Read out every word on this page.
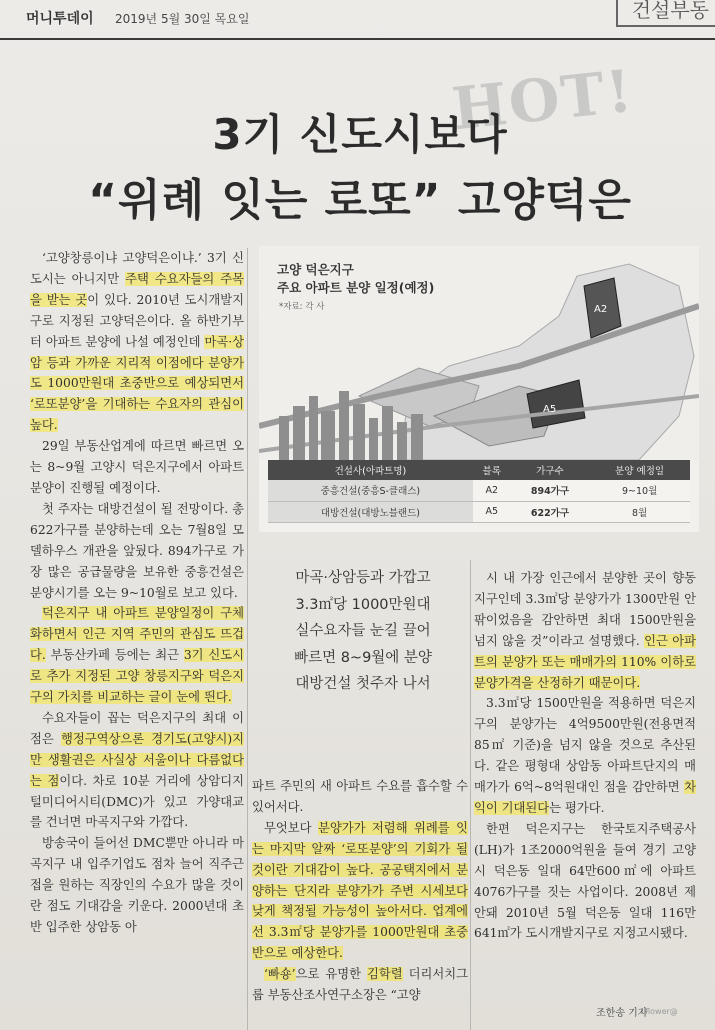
머니투데이 2019년 5월 30일 목요일	건설부동
HOT!
3기 신도시보다
“위례 잇는 로또” 고양덕은

‘고양창릉이냐 고양덕은이냐.’ 3기 신도시는 아니지만 주택 수요자들의 주목을 받는 곳이 있다. 2010년 도시개발지구로 지정된 고양덕은이다. 올 하반기부터 아파트 분양에 나설 예정인데 마곡·상암 등과 가까운 지리적 이점에다 분양가도 1000만원대 초중반으로 예상되면서 ‘로또분양’을 기대하는 수요자의 관심이 높다.

29일 부동산업계에 따르면 빠르면 오는 8~9월 고양시 덕은지구에서 아파트 분양이 진행될 예정이다.

첫 주자는 대방건설이 될 전망이다. 총 622가구를 분양하는데 오는 7월8일 모델하우스 개관을 앞뒀다. 894가구로 가장 많은 공급물량을 보유한 중흥건설은 분양시기를 오는 9~10월로 보고 있다.

덕은지구 내 아파트 분양일정이 구체화하면서 인근 지역 주민의 관심도 뜨겁다. 부동산카페 등에는 최근 3기 신도시로 추가 지정된 고양 창릉지구와 덕은지구의 가치를 비교하는 글이 눈에 띈다.

수요자들이 꼽는 덕은지구의 최대 이점은 행정구역상으론 경기도(고양시)지만 생활권은 사실상 서울이나 다름없다는 점이다. 차로 10분 거리에 상암디지털미디어시티(DMC)가 있고 가양대교를 건너면 마곡지구와 가깝다.

방송국이 들어선 DMC뿐만 아니라 마곡지구 내 입주기업도 점차 늘어 직주근접을 원하는 직장인의 수요가 많을 것이란 점도 기대감을 키운다. 2000년대 초반 입주한 상암동 아

A2
A5
고양 덕은지구
주요 아파트 분양 일정(예정)
*자료: 각 사
건설사(아파트명)	블록	가구수	분양 예정일
중흥건설(중흥S-클래스)	A2	894가구	9~10월
대방건설(대방노블랜드)	A5	622가구	8월

마곡·상암등과 가깝고

3.3㎡당 1000만원대

실수요자들 눈길 끌어

빠르면 8~9월에 분양

대방건설 첫주자 나서

파트 주민의 새 아파트 수요를 흡수할 수 있어서다.

무엇보다 분양가가 저렴해 위례를 잇는 마지막 알짜 ‘로또분양’의 기회가 될 것이란 기대감이 높다. 공공택지에서 분양하는 단지라 분양가가 주변 시세보다 낮게 책정될 가능성이 높아서다. 업계에선 3.3㎡당 분양가를 1000만원대 초중반으로 예상한다.

‘빠숑’으로 유명한 김학렬 더리서치그룹 부동산조사연구소장은 “고양

시 내 가장 인근에서 분양한 곳이 향동지구인데 3.3㎡당 분양가가 1300만원 안팎이었음을 감안하면 최대 1500만원을 넘지 않을 것”이라고 설명했다. 인근 아파트의 분양가 또는 매매가의 110% 이하로 분양가격을 산정하기 때문이다.

3.3㎡당 1500만원을 적용하면 덕은지구의 분양가는 4억9500만원(전용면적 85㎡ 기준)을 넘지 않을 것으로 추산된다. 같은 평형대 상암동 아파트단지의 매매가가 6억~8억원대인 점을 감안하면 차익이 기대된다는 평가다.

한편 덕은지구는 한국토지주택공사(LH)가 1조2000억원을 들여 경기 고양시 덕은동 일대 64만600㎡에 아파트 4076가구를 짓는 사업이다. 2008년 제안돼 2010년 5월 덕은동 일대 116만641㎡가 도시개발지구로 지정고시됐다.

조한송 기자
1flower@
